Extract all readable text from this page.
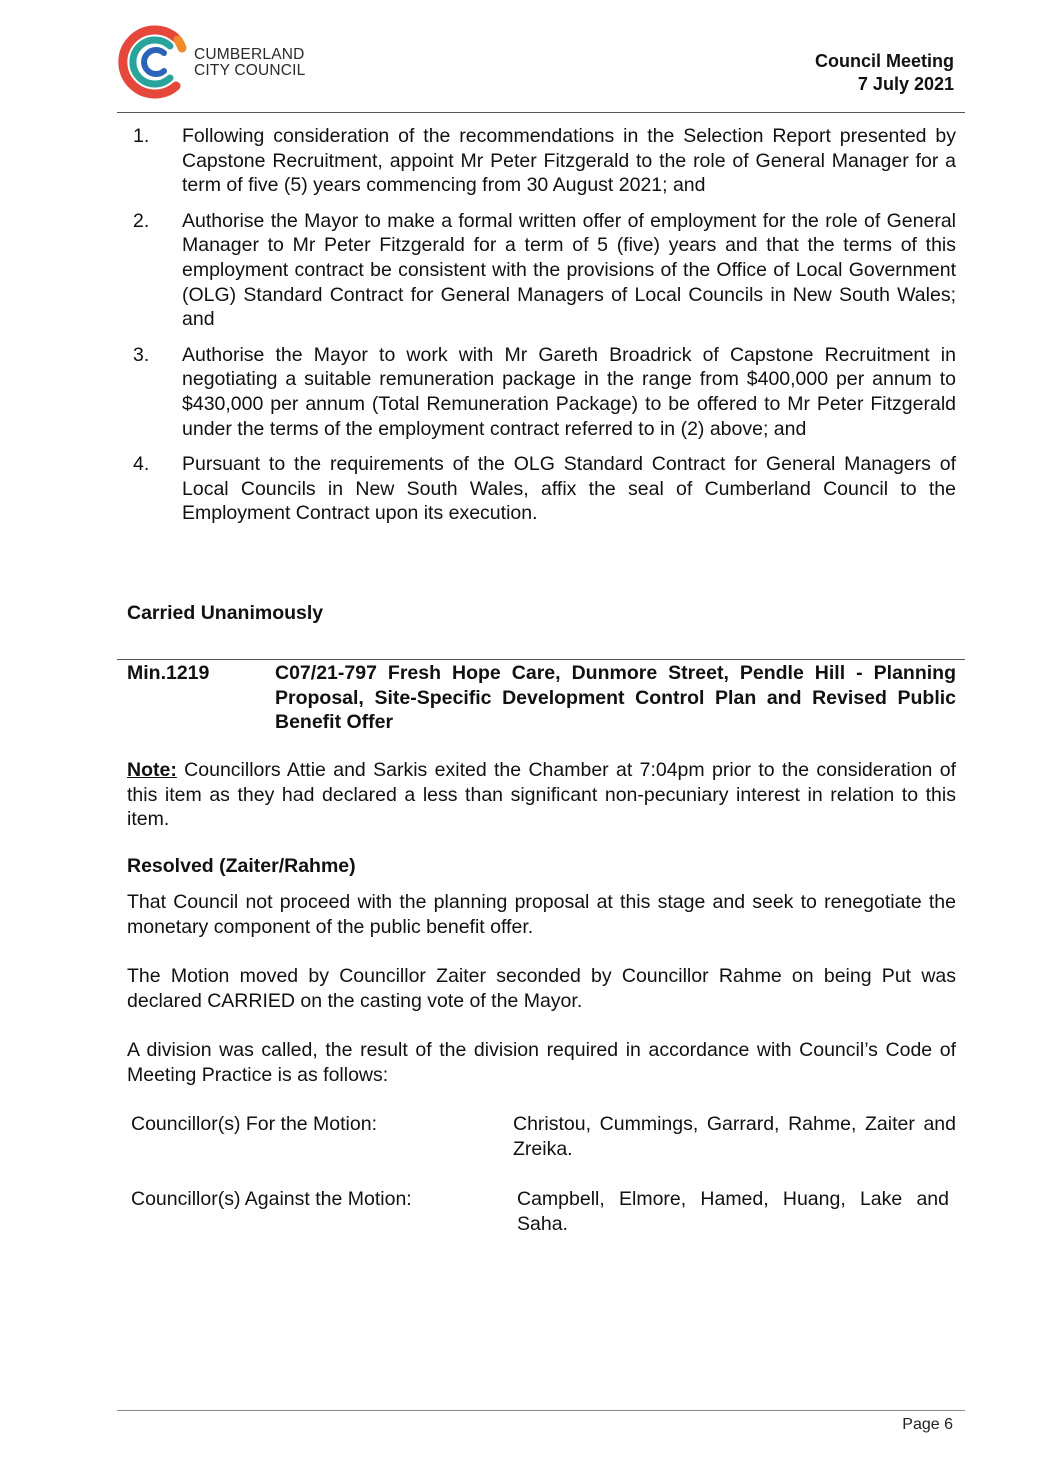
CUMBERLAND
CITY COUNCIL	Council Meeting
7 July 2021
1. Following consideration of the recommendations in the Selection Report presented by Capstone Recruitment, appoint Mr Peter Fitzgerald to the role of General Manager for a term of five (5) years commencing from 30 August 2021; and
2. Authorise the Mayor to make a formal written offer of employment for the role of General Manager to Mr Peter Fitzgerald for a term of 5 (five) years and that the terms of this employment contract be consistent with the provisions of the Office of Local Government (OLG) Standard Contract for General Managers of Local Councils in New South Wales; and
3. Authorise the Mayor to work with Mr Gareth Broadrick of Capstone Recruitment in negotiating a suitable remuneration package in the range from $400,000 per annum to $430,000 per annum (Total Remuneration Package) to be offered to Mr Peter Fitzgerald under the terms of the employment contract referred to in (2) above; and
4. Pursuant to the requirements of the OLG Standard Contract for General Managers of Local Councils in New South Wales, affix the seal of Cumberland Council to the Employment Contract upon its execution.

Carried Unanimously

Min.1219	C07/21-797 Fresh Hope Care, Dunmore Street, Pendle Hill - Planning Proposal, Site-Specific Development Control Plan and Revised Public Benefit Offer

Note: Councillors Attie and Sarkis exited the Chamber at 7:04pm prior to the consideration of this item as they had declared a less than significant non-pecuniary interest in relation to this item.

Resolved (Zaiter/Rahme)

That Council not proceed with the planning proposal at this stage and seek to renegotiate the monetary component of the public benefit offer.

The Motion moved by Councillor Zaiter seconded by Councillor Rahme on being Put was declared CARRIED on the casting vote of the Mayor.

A division was called, the result of the division required in accordance with Council’s Code of Meeting Practice is as follows:

Councillor(s) For the Motion:	Christou, Cummings, Garrard, Rahme, Zaiter and Zreika.
Councillor(s) Against the Motion:	Campbell, Elmore, Hamed, Huang, Lake and Saha.
Page 6
